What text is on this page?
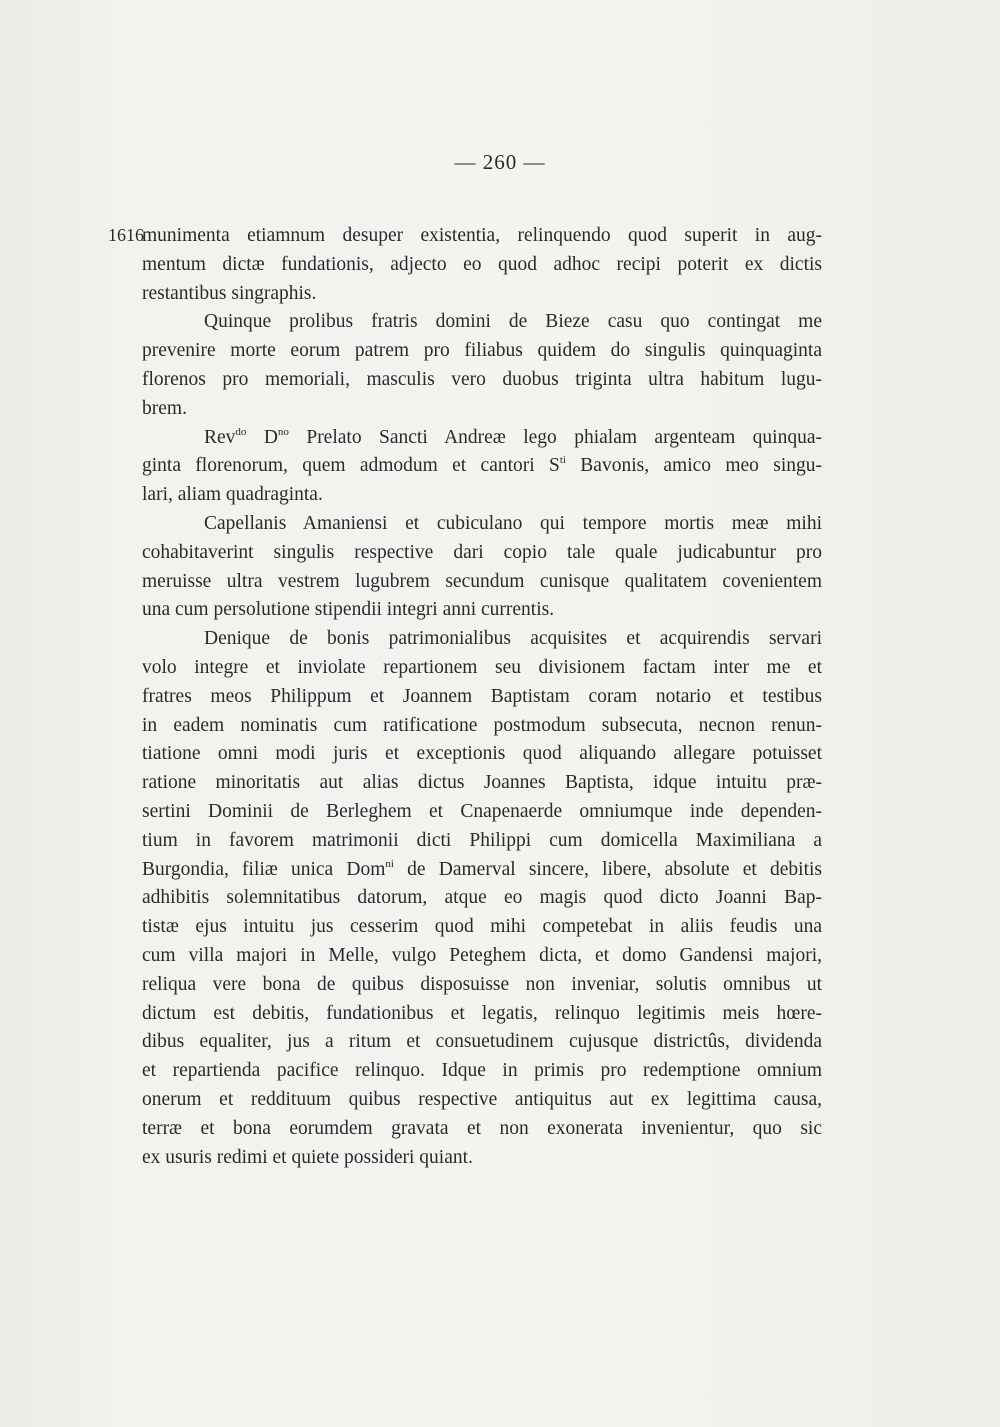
— 260 —
1616
munimenta etiamnum desuper existentia, relinquendo quod superit in aug-
mentum dictæ fundationis, adjecto eo quod adhoc recipi poterit ex dictis
restantibus singraphis.
Quinque prolibus fratris domini de Bieze casu quo contingat me
prevenire morte eorum patrem pro filiabus quidem do singulis quinquaginta
florenos pro memoriali, masculis vero duobus triginta ultra habitum lugu-
brem.
Rev$^{do}$ $D^{no}$ Prelato Sancti Andreæ lego phialam argenteam quinqua-
ginta florenorum, quem admodum et cantori $S^{ti}$ Bavonis, amico meo singu-
lari, aliam quadraginta.
Capellanis Amaniensi et cubiculano qui tempore mortis meæ mihi
cohabitaverint singulis respective dari copio tale quale judicabuntur pro
meruisse ultra vestrem lugubrem secundum cunisque qualitatem covenientem
una cum persolutione stipendii integri anni currentis.
Denique de bonis patrimonialibus acquisites et acquirendis servari
volo integre et inviolate repartionem seu divisionem factam inter me et
fratres meos Philippum et Joannem Baptistam coram notario et testibus
in eadem nominatis cum ratificatione postmodum subsecuta, necnon renun-
tiatione omni modi juris et exceptionis quod aliquando allegare potuisset
ratione minoritatis aut alias dictus Joannes Baptista, idque intuitu præ-
sertini Dominii de Berleghem et Cnapenaerde omniumque inde dependen-
tium in favorem matrimonii dicti Philippi cum domicella Maximiliana a
Burgondia, filiæ unica Dom$^{ni}$ de Damerval sincere, libere, absolute et debitis
adhibitis solemnitatibus datorum, atque eo magis quod dicto Joanni Bap-
tistæ ejus intuitu jus cesserim quod mihi competebat in aliis feudis una
cum villa majori in Melle, vulgo Peteghem dicta, et domo Gandensi majori,
reliqua vere bona de quibus disposuisse non inveniar, solutis omnibus ut
dictum est debitis, fundationibus et legatis, relinquo legitimis meis hœre-
dibus equaliter, jus a ritum et consuetudinem cujusque districtûs, dividenda
et repartienda pacifice relinquo. Idque in primis pro redemptione omnium
onerum et reddituum quibus respective antiquitus aut ex legittima causa,
terræ et bona eorumdem gravata et non exonerata invenientur, quo sic
ex usuris redimi et quiete possideri quiant.
